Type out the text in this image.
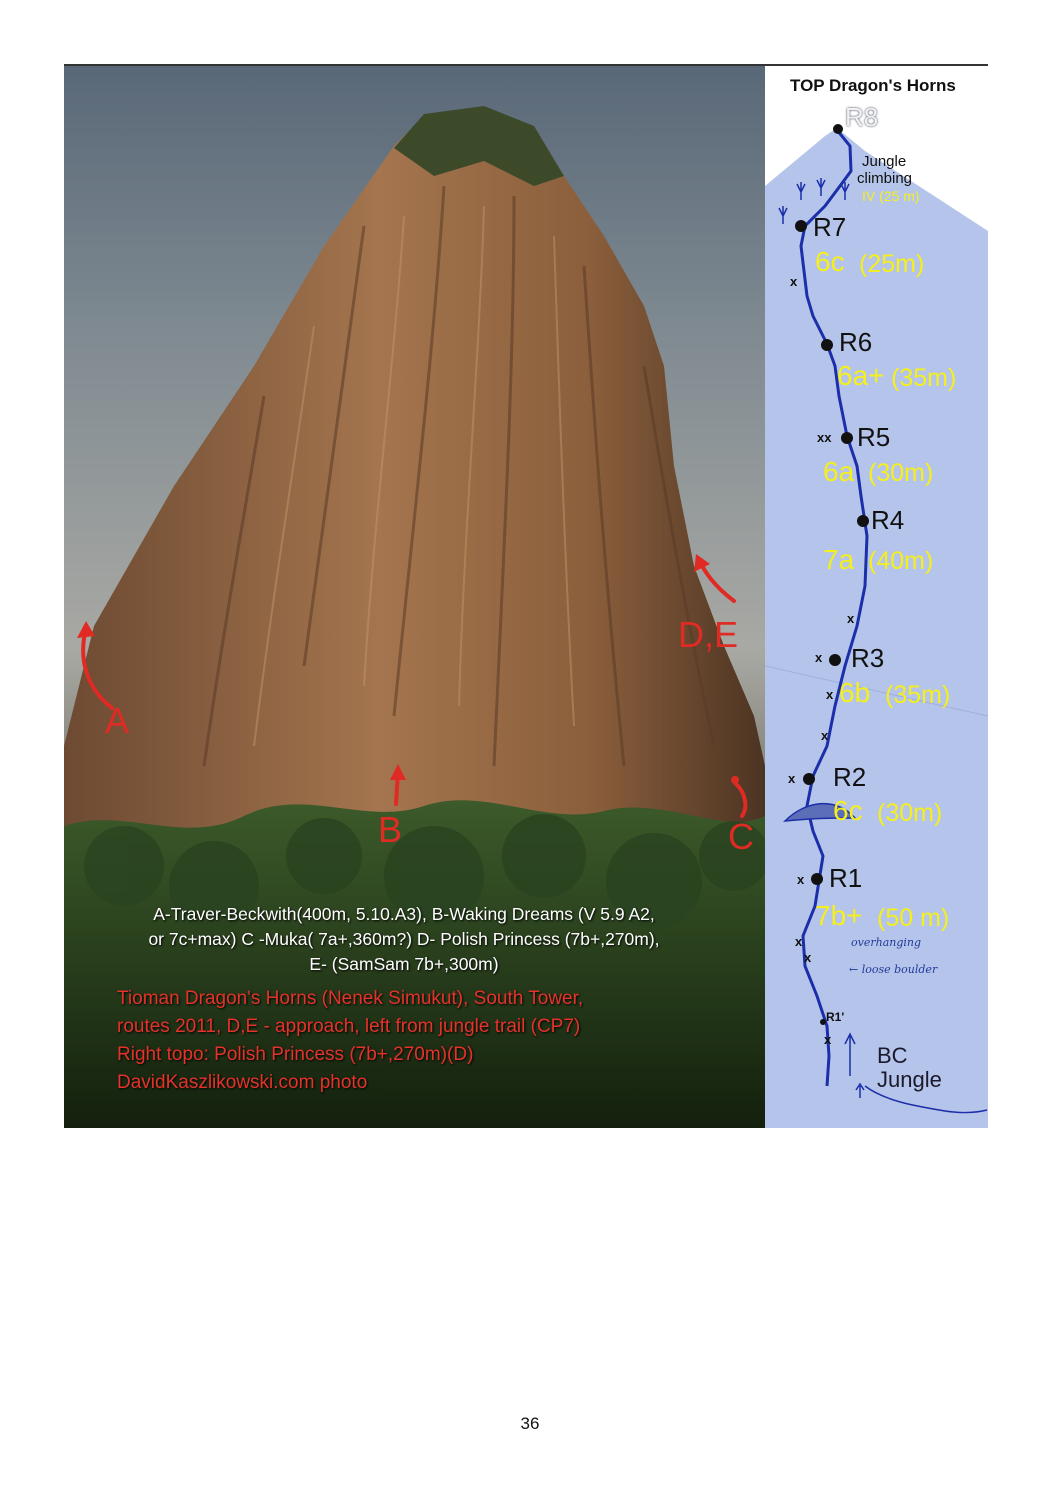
A
B	C
D,E
A-Traver-Beckwith(400m, 5.10.A3), B-Waking Dreams (V 5.9 A2,
or 7c+max) C -Muka( 7a+,360m?) D- Polish Princess (7b+,270m),
E- (SamSam 7b+,300m)
Tioman Dragon's Horns (Nenek Simukut), South Tower,
routes 2011, D,E - approach, left from jungle trail (CP7)
Right topo: Polish Princess (7b+,270m)(D)
DavidKaszlikowski.com photo
TOP Dragon's Horns
R8
Jungle
climbing
IV (25 m)
R7
6c (25m)
x
R6
6a+ (35m)
xx R5
6a (30m)
R4
7a (40m)
x
x R3
x 6b (35m)
x
x R2
6c (30m)
x R1
7b+ (50 m)
x	overhanging
x
← loose boulder
R1'
x
BC
Jungle
36
